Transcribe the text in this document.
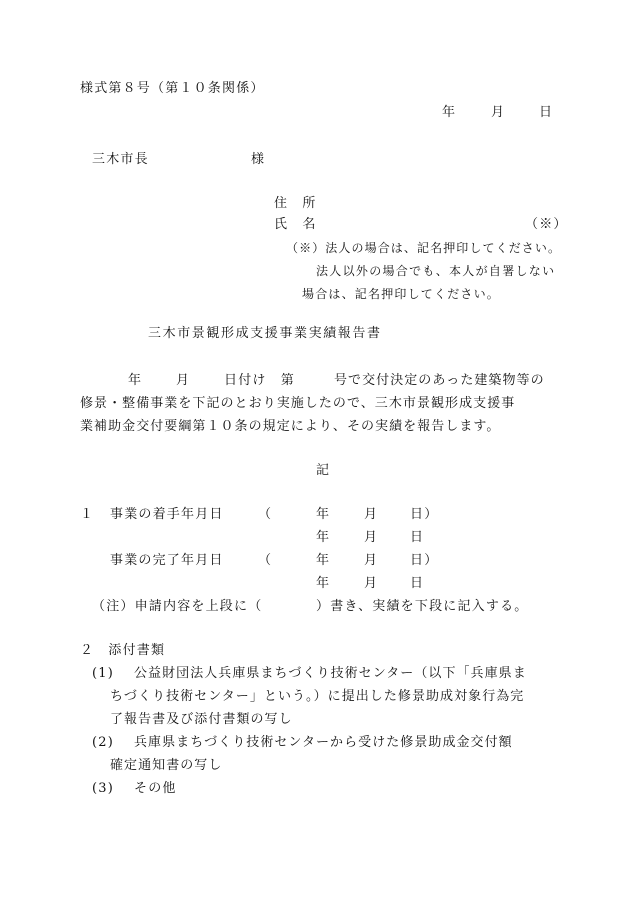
様式第８号（第１０条関係）
年	月	日
三木市長	様
住　所
氏　名	（※）
（※）法人の場合は、記名押印してください。
法人以外の場合でも、本人が自署しない
場合は、記名押印してください。
三木市景観形成支援事業実績報告書
年	月	日付け　第	号で交付決定のあった建築物等の
修景・整備事業を下記のとおり実施したので、三木市景観形成支援事
業補助金交付要綱第１０条の規定により、その実績を報告します。
記
１ 事業の着手年月日	（	年	月 日）
年	月 日
事業の完了年月日	（	年	月 日）
年	月 日
（注）申請内容を上段に（	）書き、実績を下段に記入する。
２　添付書類
(1) 公益財団法人兵庫県まちづくり技術センター（以下「兵庫県ま
ちづくり技術センター」という。）に提出した修景助成対象行為完
了報告書及び添付書類の写し
(2) 兵庫県まちづくり技術センターから受けた修景助成金交付額
確定通知書の写し
(3) その他
